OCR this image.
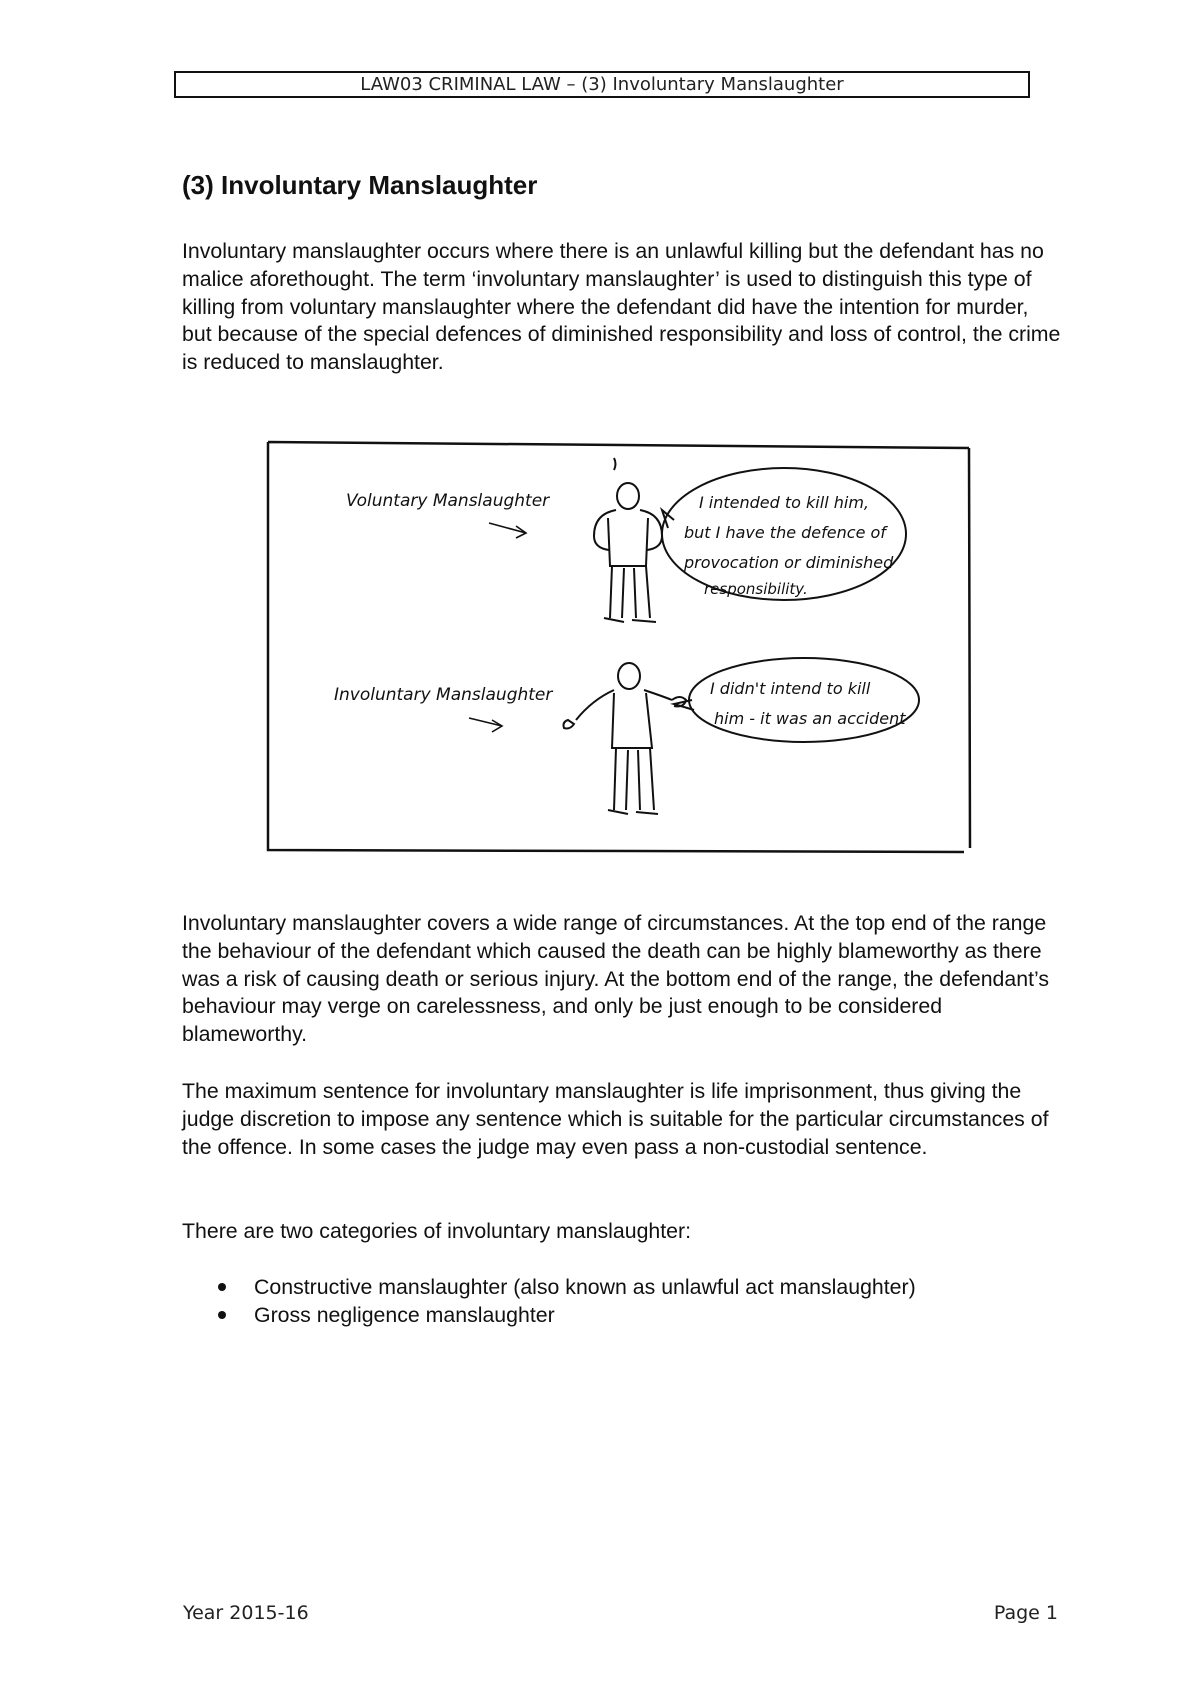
LAW03 CRIMINAL LAW – (3) Involuntary Manslaughter
(3) Involuntary Manslaughter

Involuntary manslaughter occurs where there is an unlawful killing but the defendant has no malice aforethought. The term ‘involuntary manslaughter’ is used to distinguish this type of killing from voluntary manslaughter where the defendant did have the intention for murder, but because of the special defences of diminished responsibility and loss of control, the crime is reduced to manslaughter.

Voluntary Manslaughter	I intended to kill him,
but I have the defence of
provocation or diminished
responsibility.
Involuntary Manslaughter	I didn't intend to kill
him - it was an accident

Involuntary manslaughter covers a wide range of circumstances. At the top end of the range the behaviour of the defendant which caused the death can be highly blameworthy as there was a risk of causing death or serious injury. At the bottom end of the range, the defendant’s behaviour may verge on carelessness, and only be just enough to be considered blameworthy.

The maximum sentence for involuntary manslaughter is life imprisonment, thus giving the judge discretion to impose any sentence which is suitable for the particular circumstances of the offence. In some cases the judge may even pass a non-custodial sentence.

There are two categories of involuntary manslaughter:

Constructive manslaughter (also known as unlawful act manslaughter)
Gross negligence manslaughter
Year 2015-16	Page 1
